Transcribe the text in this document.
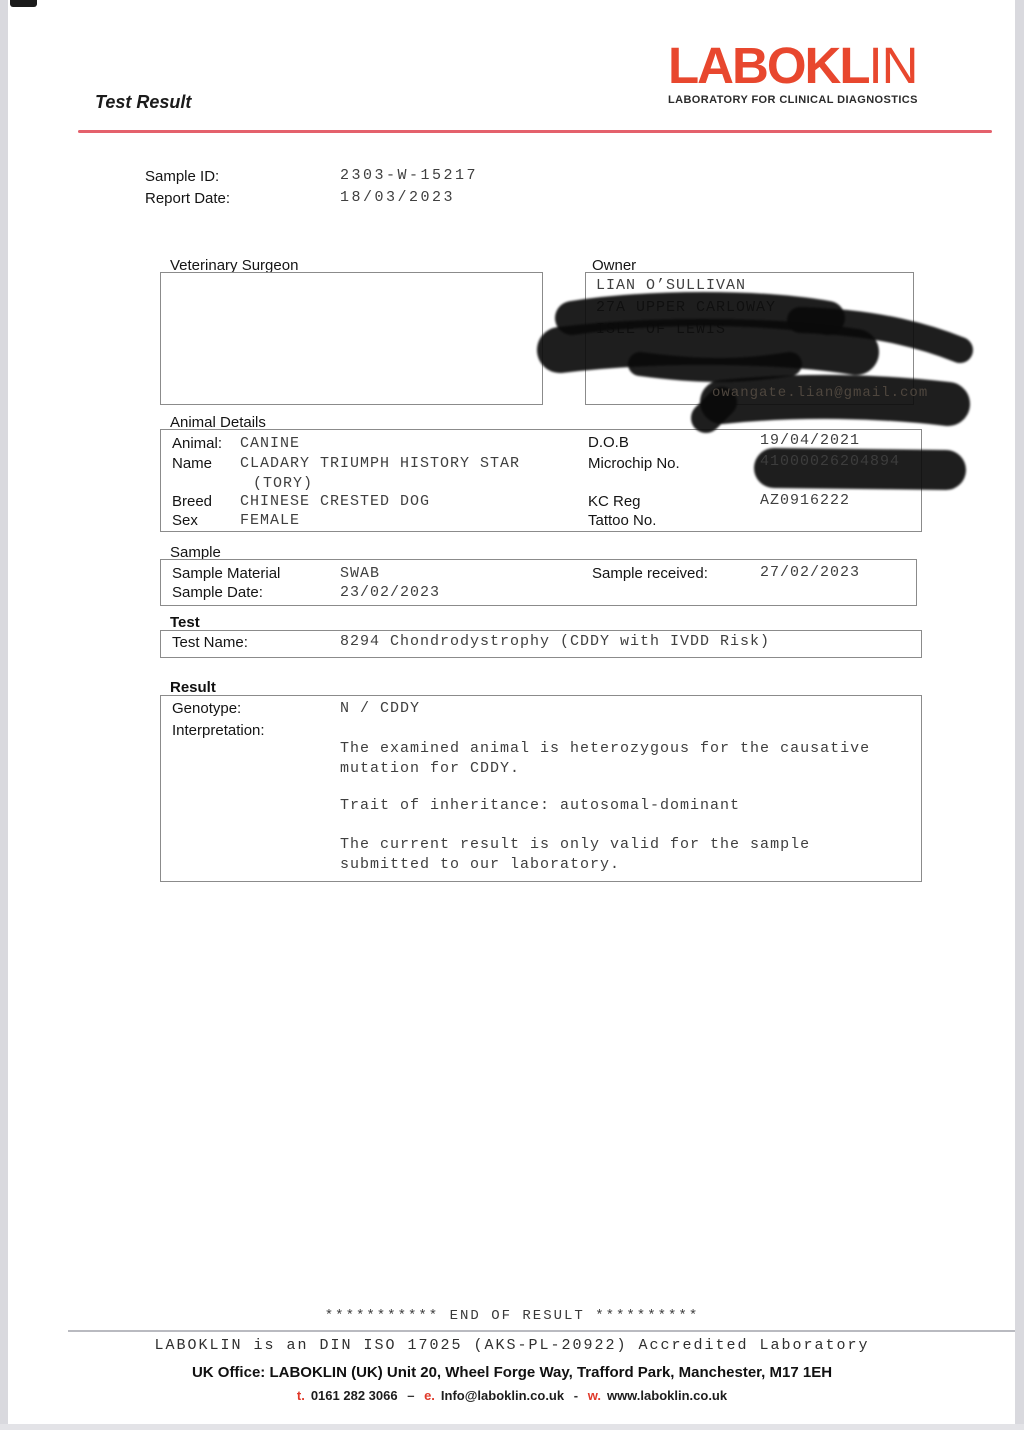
Test Result
LABOKLIN
LABORATORY FOR CLINICAL DIAGNOSTICS
Sample ID:	2303-W-15217
Report Date:	18/03/2023
Veterinary Surgeon	Owner
LIAN O’SULLIVAN
27A UPPER CARLOWAY
ISLE OF LEWIS
owangate.lian@gmail.com
Animal Details
Animal: CANINE	D.O.B	19/04/2021
Name CLADARY TRIUMPH HISTORY STAR	Microchip No.	41000026204894
(TORY)
Breed CHINESE CRESTED DOG	KC Reg	AZ0916222
Sex	FEMALE	Tattoo No.
Sample
Sample Material	SWAB	Sample received:	27/02/2023
Sample Date:	23/02/2023
Test
Test Name:	8294 Chondrodystrophy (CDDY with IVDD Risk)
Result
Genotype:	N / CDDY
Interpretation:
The examined animal is heterozygous for the causative
mutation for CDDY.
Trait of inheritance: autosomal-dominant
The current result is only valid for the sample
submitted to our laboratory.
*********** END OF RESULT **********
LABOKLIN is an DIN ISO 17025 (AKS-PL-20922) Accredited Laboratory
UK Office: LABOKLIN (UK) Unit 20, Wheel Forge Way, Trafford Park, Manchester, M17 1EH
t. 0161 282 3066 – e. Info@laboklin.co.uk - w. www.laboklin.co.uk
